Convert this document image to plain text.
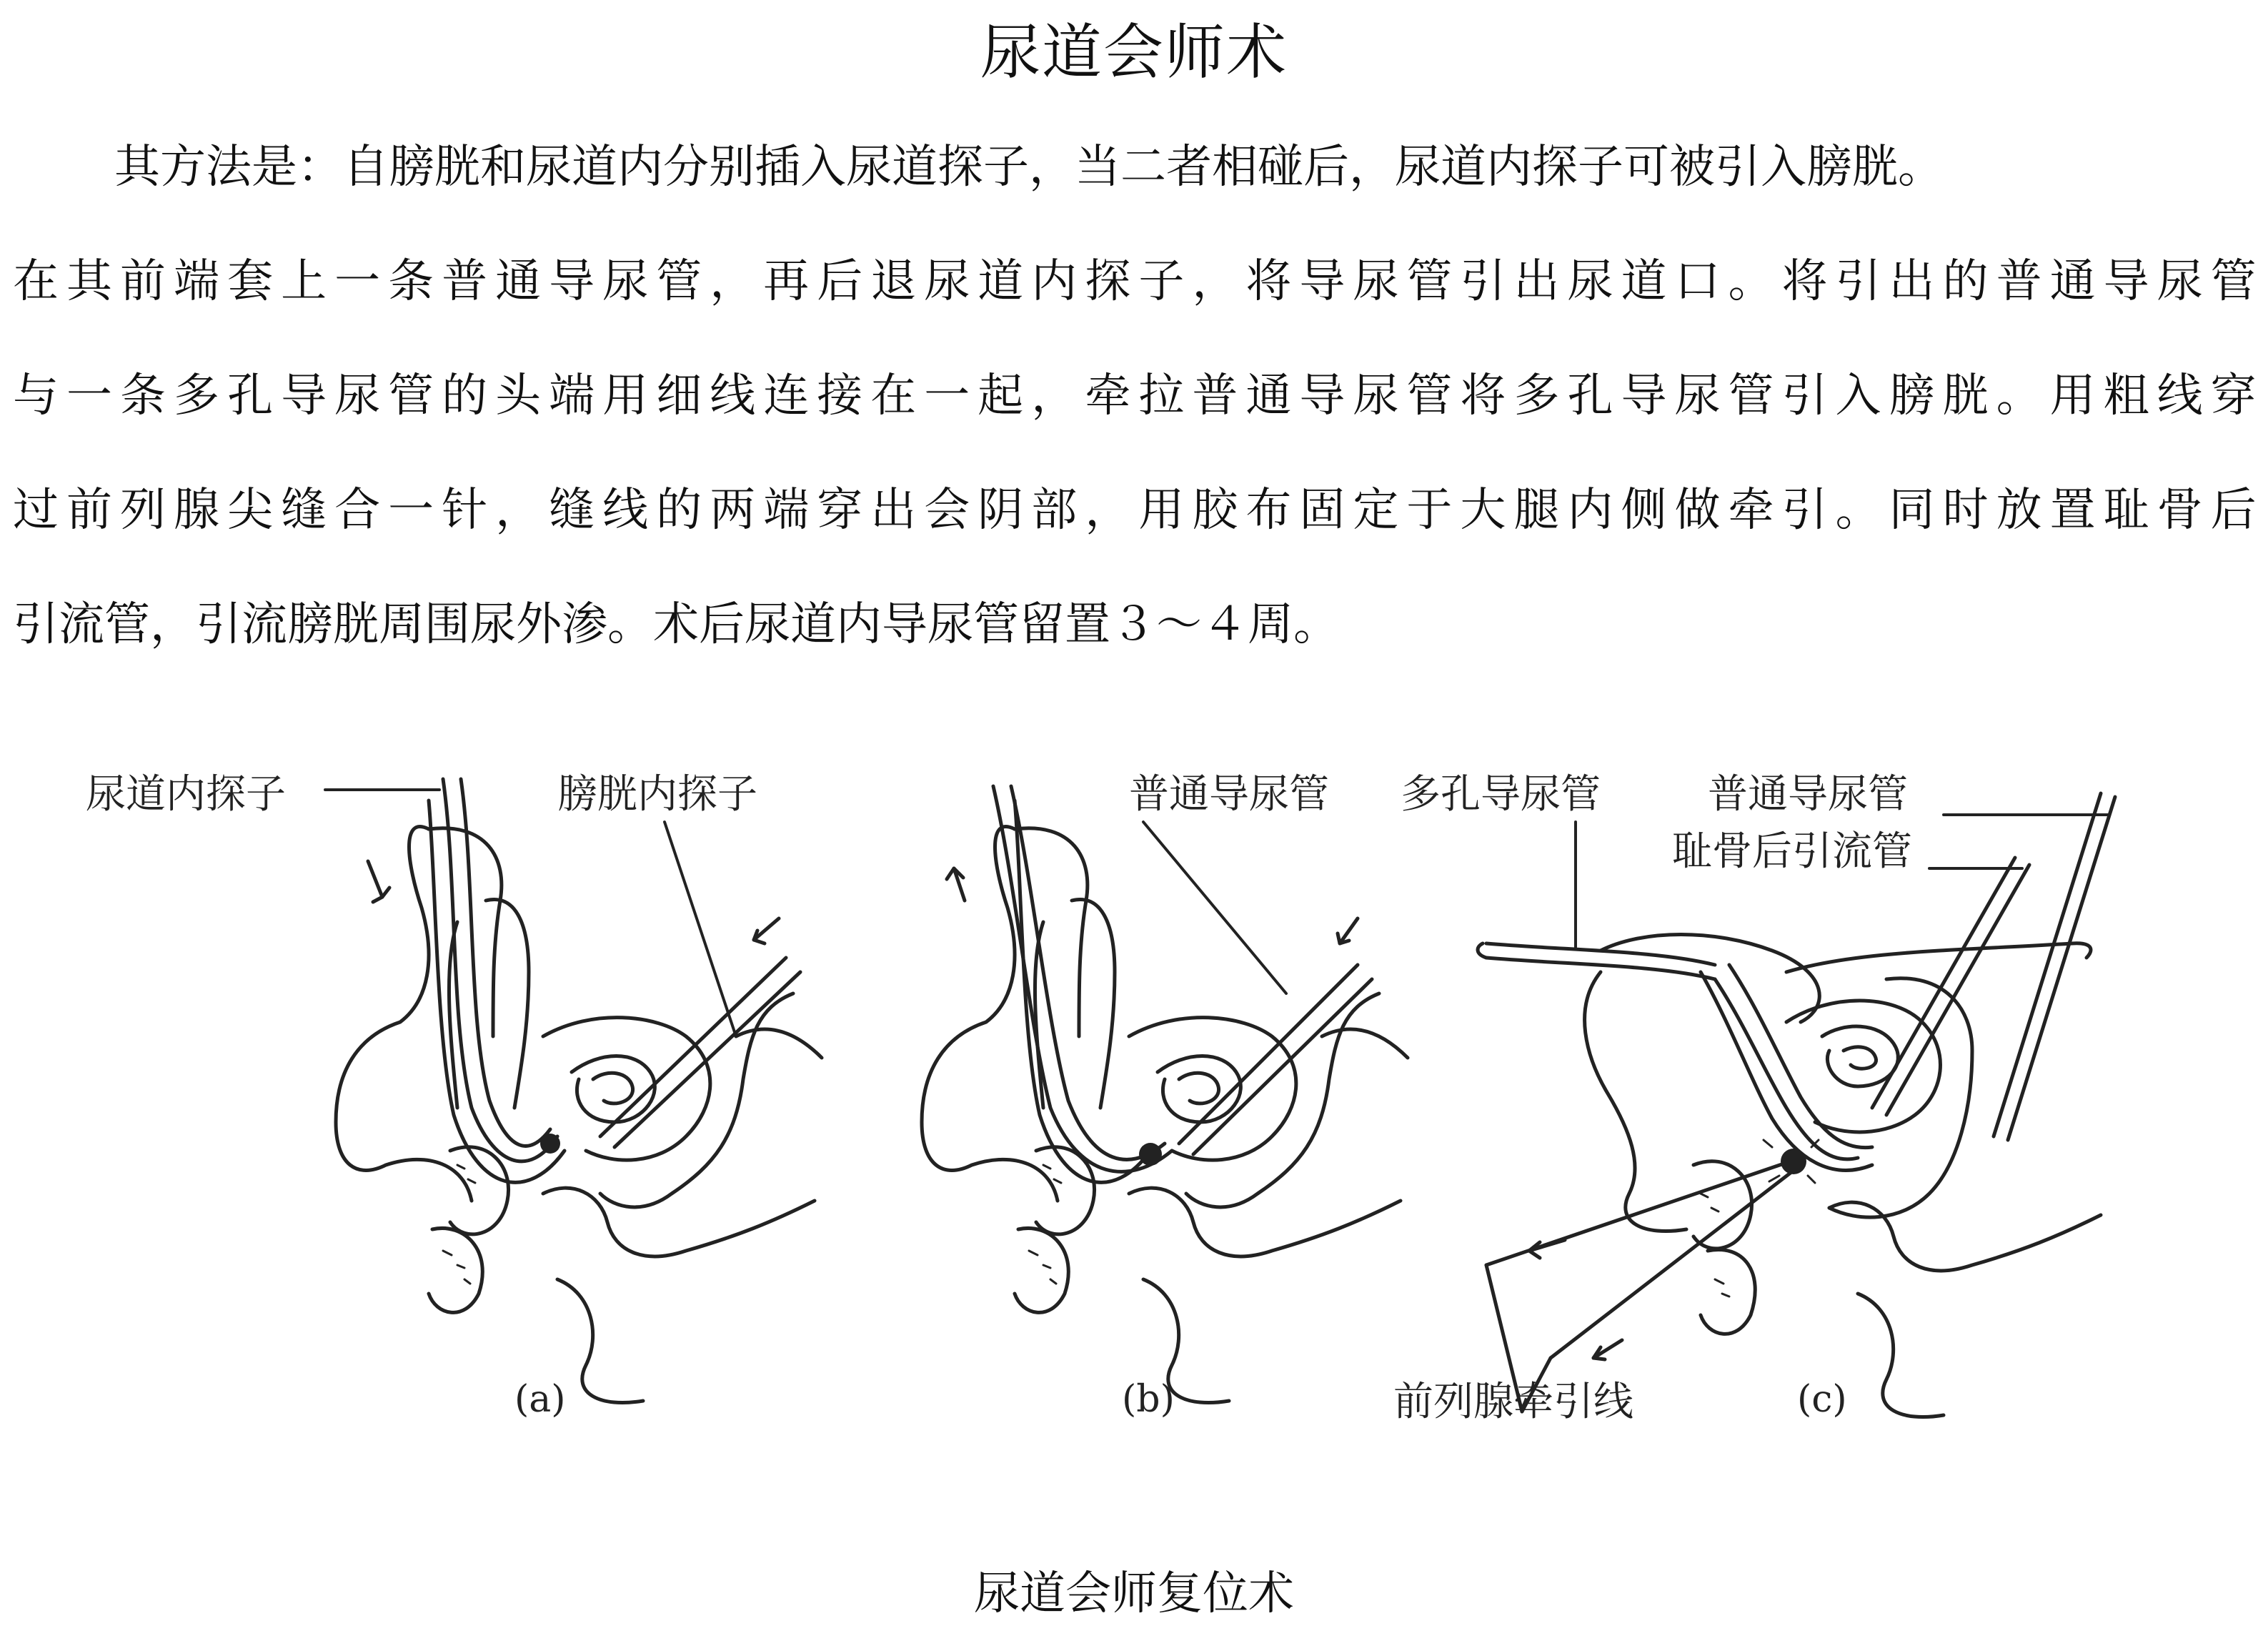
尿道会师术
其方法是：自膀胱和尿道内分别插入尿道探子，当二者相碰后，尿道内探子可被引入膀胱。
在 其 前 端 套 上 一 条 普 通 导 尿 管 ， 再 后 退 尿 道 内 探 子 ， 将 导 尿 管 引 出 尿 道 口 。 将 引 出 的 普 通 导 尿 管
与 一 条 多 孔 导 尿 管 的 头 端 用 细 线 连 接 在 一 起 ， 牵 拉 普 通 导 尿 管 将 多 孔 导 尿 管 引 入 膀 胱 。 用 粗 线 穿
过 前 列 腺 尖 缝 合 一 针 ， 缝 线 的 两 端 穿 出 会 阴 部 ， 用 胶 布 固 定 于 大 腿 内 侧 做 牵 引 。 同 时 放 置 耻 骨 后
引流管，引流膀胱周围尿外渗。术后尿道内导尿管留置３～４周。
尿道内探子	膀胱内探子
(a)
普通导尿管
(b)
多孔导尿管	普通导尿管
耻骨后引流管
前列腺牵引线	(c)
尿道会师复位术
